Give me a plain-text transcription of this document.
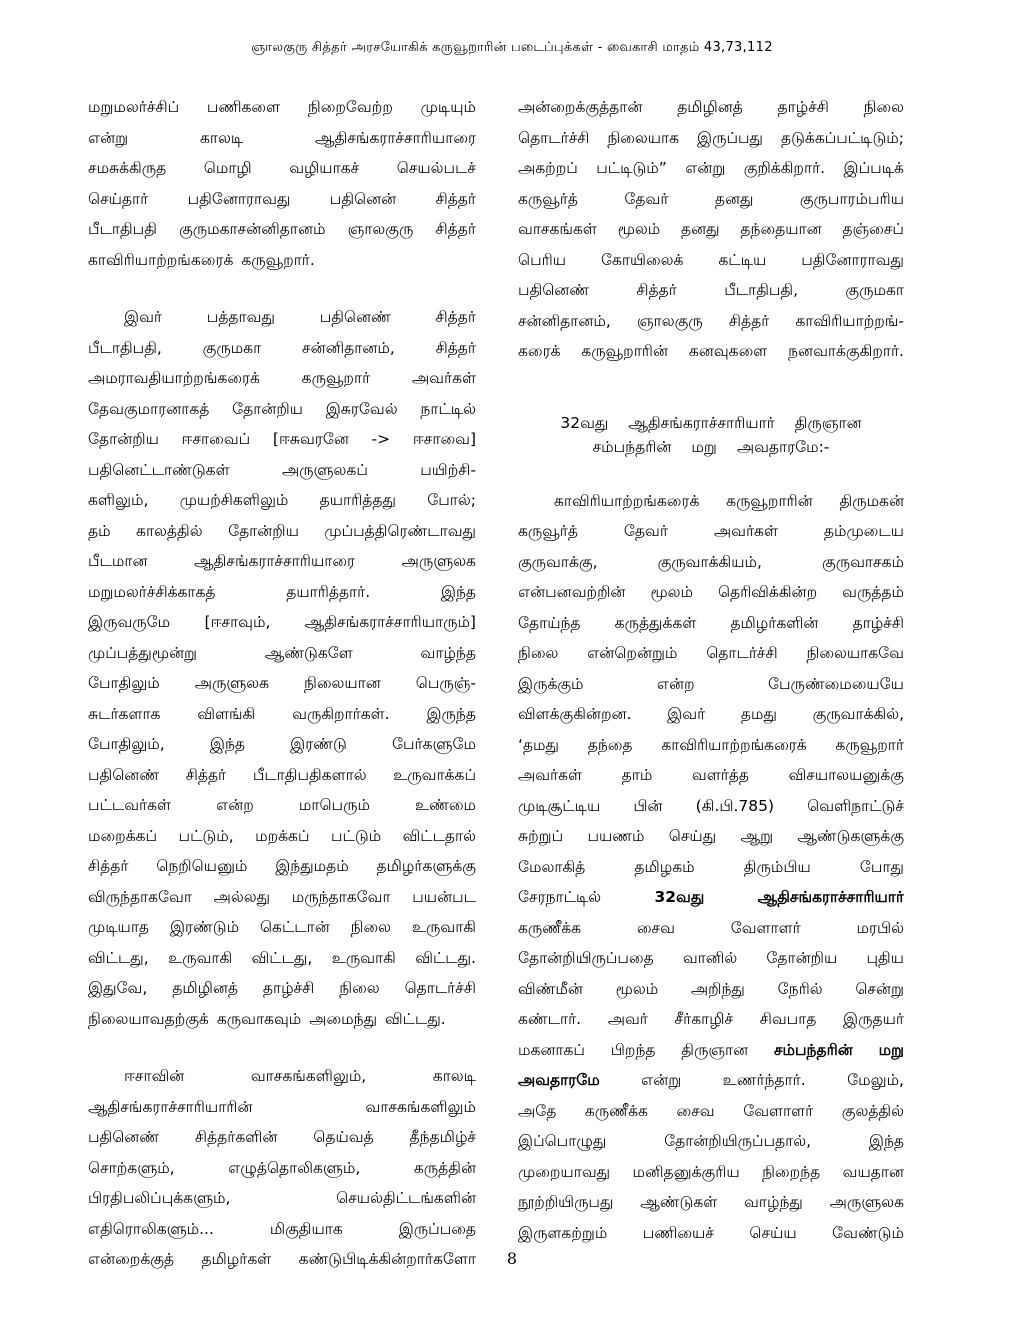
ஞாலகுரு சித்தர் அரசயோகிக் கருவூறாரின் படைப்புக்கள் - வைகாசி மாதம் 43,73,112
மறுமலர்ச்சிப் பணிகளை நிறைவேற்ற முடியும்
என்று	காலடி	ஆதிசங்கராச்சாரியாரை
சமசுக்கிருத மொழி வழியாகச் செயல்படச்
செய்தார்	பதினோராவது	பதினென்	சித்தர்
பீடாதிபதி குருமகாசன்னிதானம் ஞாலகுரு சித்தர்
காவிரியாற்றங்கரைக் கருவூறார்.
இவர்	பத்தாவது	பதினெண்	சித்தர்
பீடாதிபதி,	குருமகா	சன்னிதானம்,	சித்தர்
அமராவதியாற்றங்கரைக்	கருவூறார்	அவர்கள்
தேவகுமாரனாகத் தோன்றிய இசுரவேல் நாட்டில்
தோன்றிய ஈசாவைப் [ஈசுவரனே -> ஈசாவை]
பதினெட்டாண்டுகள்	அருளுலகப்	பயிற்சி-
களிலும், முயற்சிகளிலும் தயாரித்தது போல்;
தம் காலத்தில் தோன்றிய முப்பத்திரெண்டாவது
பீடமான	ஆதிசங்கராச்சாரியாரை	அருளுலக
மறுமலர்ச்சிக்காகத்	தயாரித்தார்.	இந்த
இருவருமே [ஈசாவும், ஆதிசங்கராச்சாரியாரும்]
முப்பத்துமூன்று	ஆண்டுகளே	வாழ்ந்த
போதிலும் அருளுலக நிலையான பெருஞ்-
சுடர்களாக விளங்கி வருகிறார்கள். இருந்த
போதிலும்,	இந்த	இரண்டு	பேர்களுமே
பதினெண் சித்தர் பீடாதிபதிகளால் உருவாக்கப்
பட்டவர்கள்	என்ற	மாபெரும்	உண்மை
மறைக்கப் பட்டும், மறக்கப் பட்டும் விட்டதால்
சித்தர் நெறியெனும் இந்துமதம் தமிழர்களுக்கு
விருந்தாகவோ அல்லது மருந்தாகவோ பயன்பட
முடியாத இரண்டும் கெட்டான் நிலை உருவாகி
விட்டது, உருவாகி விட்டது, உருவாகி விட்டது.
இதுவே, தமிழினத் தாழ்ச்சி நிலை தொடர்ச்சி
நிலையாவதற்குக் கருவாகவும் அமைந்து விட்டது.
ஈசாவின்	வாசகங்களிலும்,	காலடி
ஆதிசங்கராச்சாரியாரின்	வாசகங்களிலும்
பதினெண் சித்தர்களின் தெய்வத் தீந்தமிழ்ச்
சொற்களும்,	எழுத்தொலிகளும்,	கருத்தின்
பிரதிபலிப்புக்களும்,	செயல்திட்டங்களின்
எதிரொலிகளும்...	மிகுதியாக	இருப்பதை
என்றைக்குத் தமிழர்கள் கண்டுபிடிக்கின்றார்களோ
அன்றைக்குத்தான் தமிழினத் தாழ்ச்சி நிலை
தொடர்ச்சி நிலையாக இருப்பது தடுக்கப்பட்டிடும்;
அகற்றப் பட்டிடும்” என்று குறிக்கிறார். இப்படிக்
கருவூர்த்	தேவர்	தனது	குருபாரம்பரிய
வாசகங்கள் மூலம் தனது தந்தையான தஞ்சைப்
பெரிய கோயிலைக் கட்டிய பதினோராவது
பதினெண்	சித்தர்	பீடாதிபதி,	குருமகா
சன்னிதானம், ஞாலகுரு சித்தர் காவிரியாற்றங்-
கரைக் கருவூறாரின் கனவுகளை நனவாக்குகிறார்.
32வது ஆதிசங்கராச்சாரியார் திருஞான
சம்பந்தரின் மறு அவதாரமே:-
காவிரியாற்றங்கரைக் கருவூறாரின் திருமகன்
கருவூர்த்	தேவர்	அவர்கள்	தம்முடைய
குருவாக்கு,	குருவாக்கியம்,	குருவாசகம்
என்பனவற்றின் மூலம் தெரிவிக்கின்ற வருத்தம்
தோய்ந்த கருத்துக்கள் தமிழர்களின் தாழ்ச்சி
நிலை என்றென்றும் தொடர்ச்சி நிலையாகவே
இருக்கும்	என்ற	பேருண்மையையே
விளக்குகின்றன. இவர் தமது குருவாக்கில்,
‘தமது தந்தை காவிரியாற்றங்கரைக் கருவூறார்
அவர்கள்	தாம்	வளர்த்த	விசயாலயனுக்கு
முடிசூட்டிய பின் (கி.பி.785) வெளிநாட்டுச்
சுற்றுப் பயணம் செய்து ஆறு ஆண்டுகளுக்கு
மேலாகித்	தமிழகம்	திரும்பிய	போது
சேரநாட்டில்	32வது	ஆதிசங்கராச்சாரியார்
கருணீக்க	சைவ	வேளாளர்	மரபில்
தோன்றியிருப்பதை வானில் தோன்றிய புதிய
விண்மீன் மூலம் அறிந்து நேரில் சென்று
கண்டார். அவர் சீர்காழிச் சிவபாத இருதயர்
மகனாகப் பிறந்த திருஞான சம்பந்தரின் மறு
அவதாரமே	என்று	உணர்ந்தார்.	மேலும்,
அதே கருணீக்க சைவ வேளாளர் குலத்தில்
இப்பொழுது	தோன்றியிருப்பதால்,	இந்த
முறையாவது மனிதனுக்குரிய நிறைந்த வயதான
நூற்றியிருபது ஆண்டுகள் வாழ்ந்து அருளுலக
இருளகற்றும் பணியைச் செய்ய வேண்டும்
8
